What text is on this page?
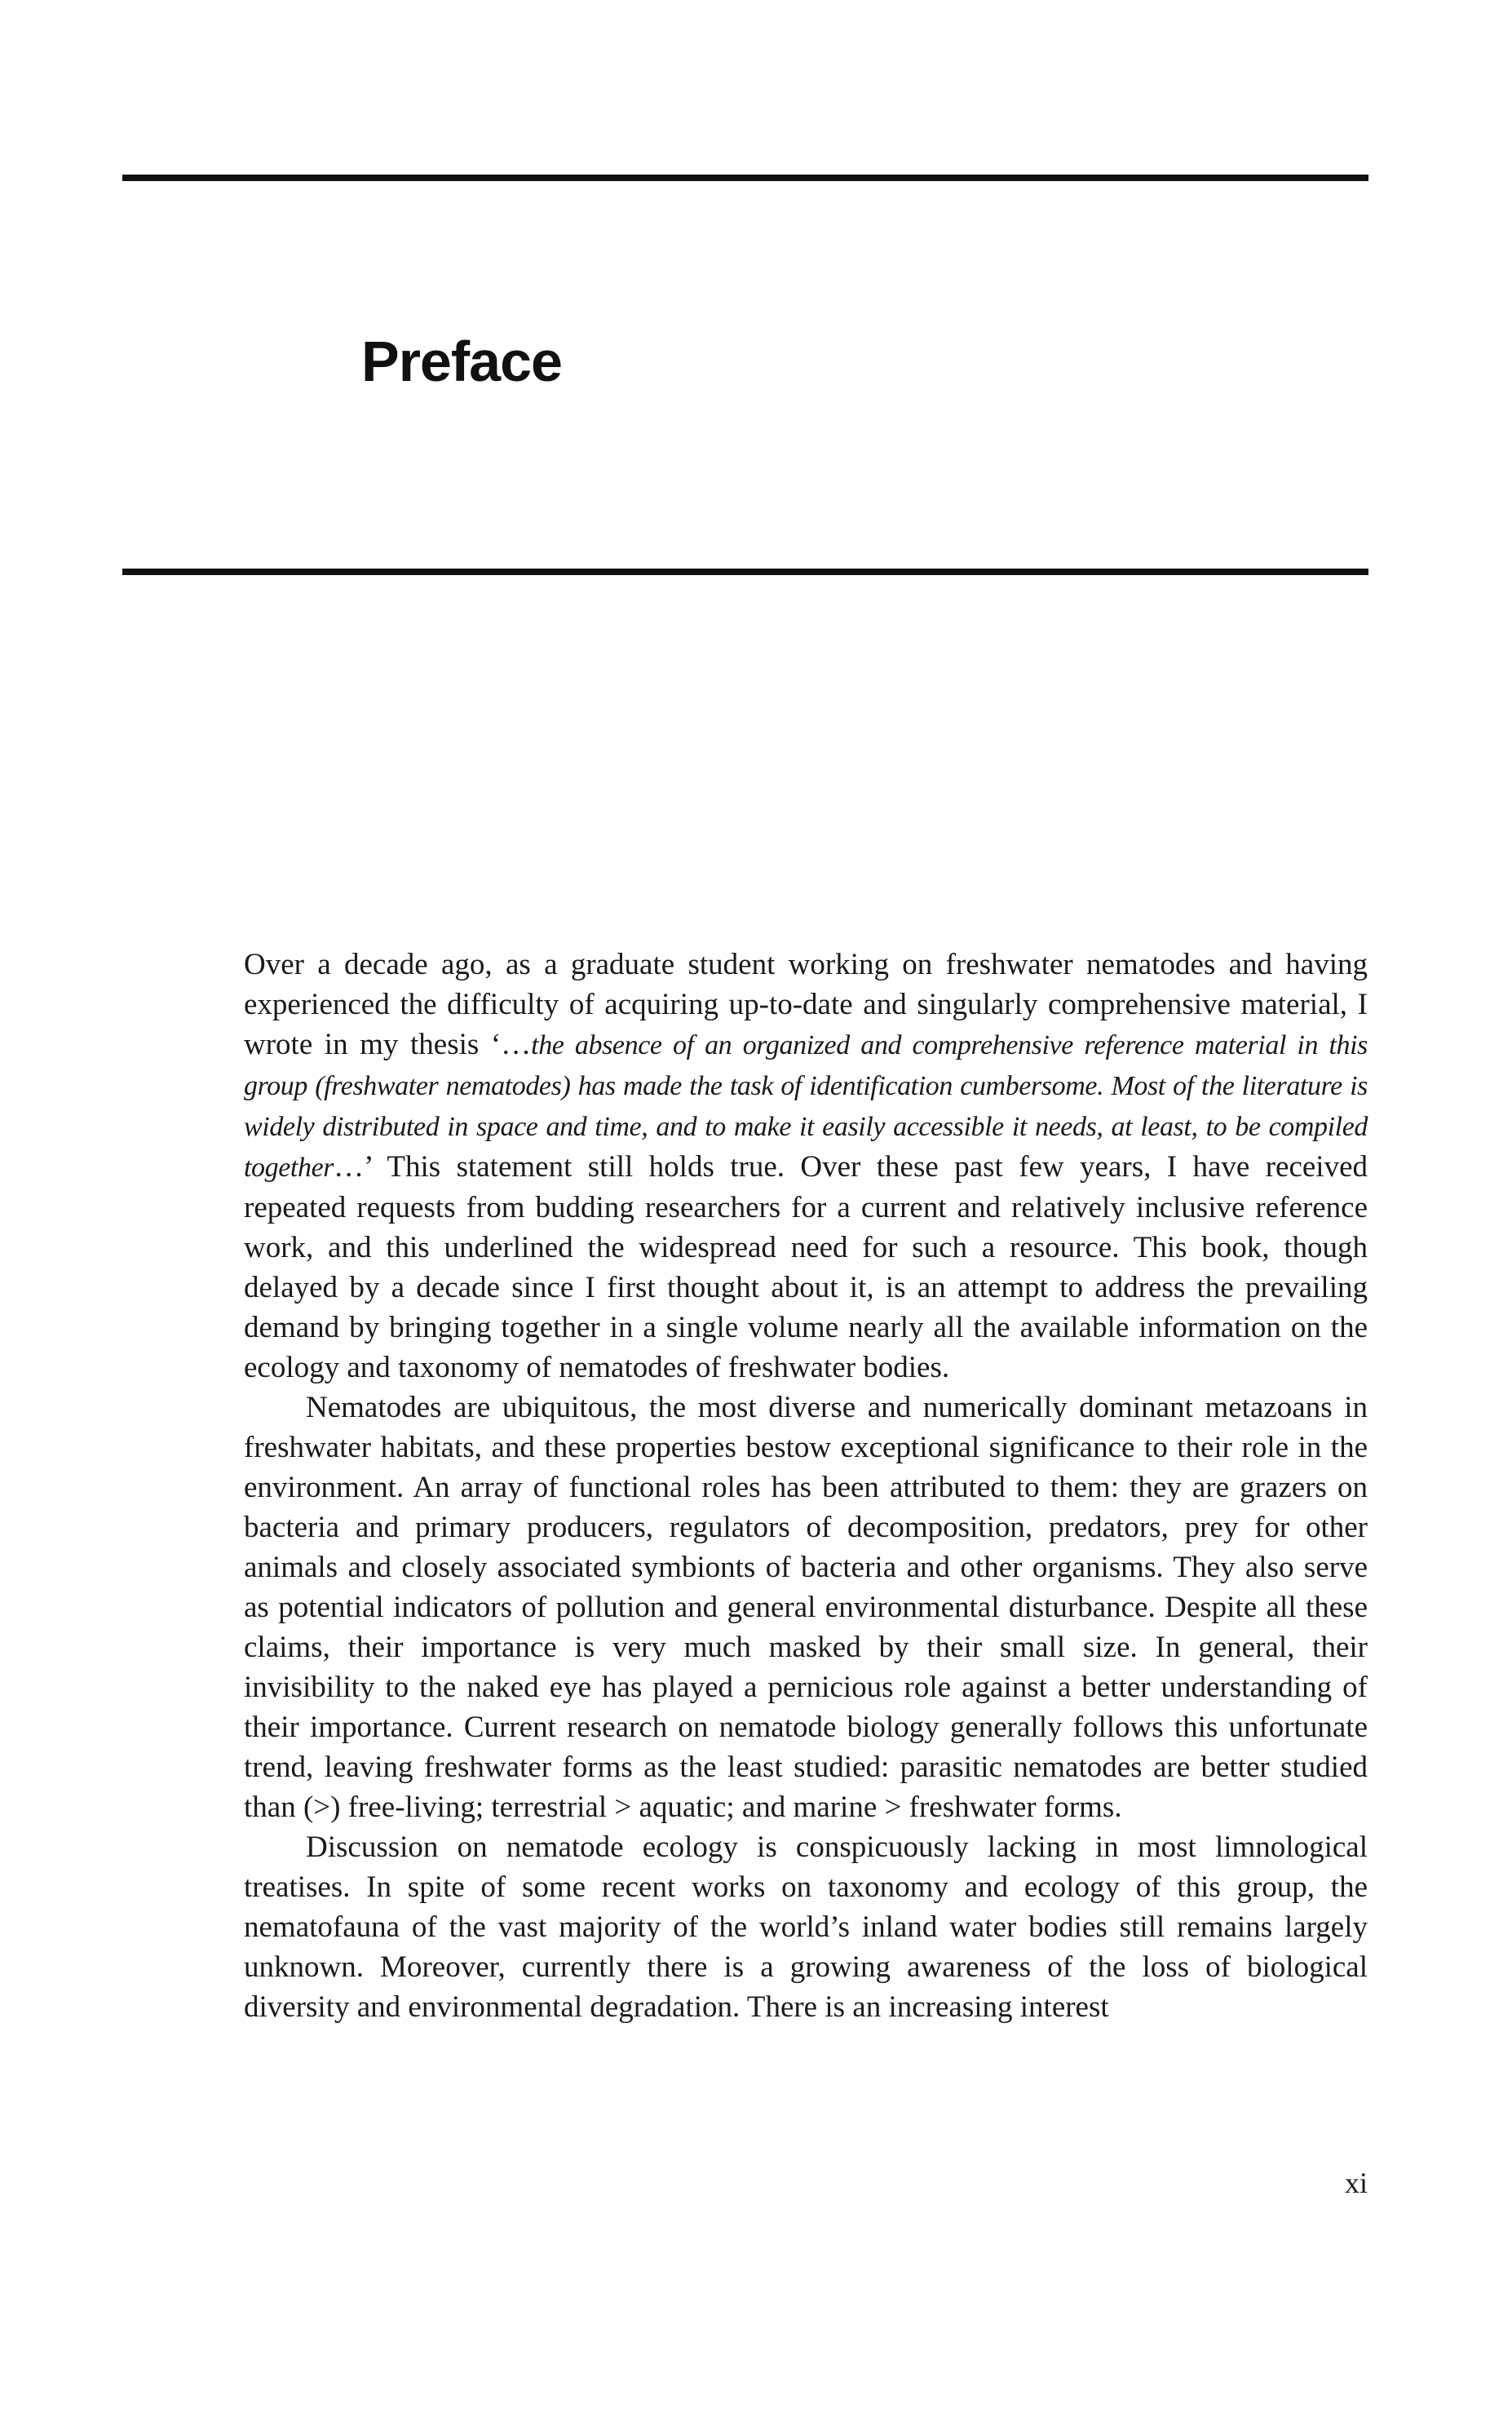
Preface

Over a decade ago, as a graduate student working on freshwater nematodes and having experienced the difficulty of acquiring up-to-date and singularly comprehensive material, I wrote in my thesis ‘…the absence of an organized and comprehensive reference material in this group (freshwater nematodes) has made the task of identification cumbersome. Most of the literature is widely distributed in space and time, and to make it easily accessible it needs, at least, to be compiled together…’ This statement still holds true. Over these past few years, I have received repeated requests from budding researchers for a current and relatively inclusive reference work, and this underlined the widespread need for such a resource. This book, though delayed by a decade since I first thought about it, is an attempt to address the prevailing demand by bringing together in a single volume nearly all the available information on the ecology and taxonomy of nematodes of freshwater bodies.

Nematodes are ubiquitous, the most diverse and numerically dominant metazoans in freshwater habitats, and these properties bestow exceptional significance to their role in the environment. An array of functional roles has been attributed to them: they are grazers on bacteria and primary producers, regulators of decomposition, predators, prey for other animals and closely associated symbionts of bacteria and other organisms. They also serve as potential indicators of pollution and general environmental disturbance. Despite all these claims, their importance is very much masked by their small size. In general, their invisibility to the naked eye has played a pernicious role against a better understanding of their importance. Current research on nematode biology generally follows this unfortunate trend, leaving freshwater forms as the least studied: parasitic nematodes are better studied than (>) free-living; terrestrial > aquatic; and marine > freshwater forms.

Discussion on nematode ecology is conspicuously lacking in most limnological treatises. In spite of some recent works on taxonomy and ecology of this group, the nematofauna of the vast majority of the world’s inland water bodies still remains largely unknown. Moreover, currently there is a growing awareness of the loss of biological diversity and environmental degradation. There is an increasing interest

xi
